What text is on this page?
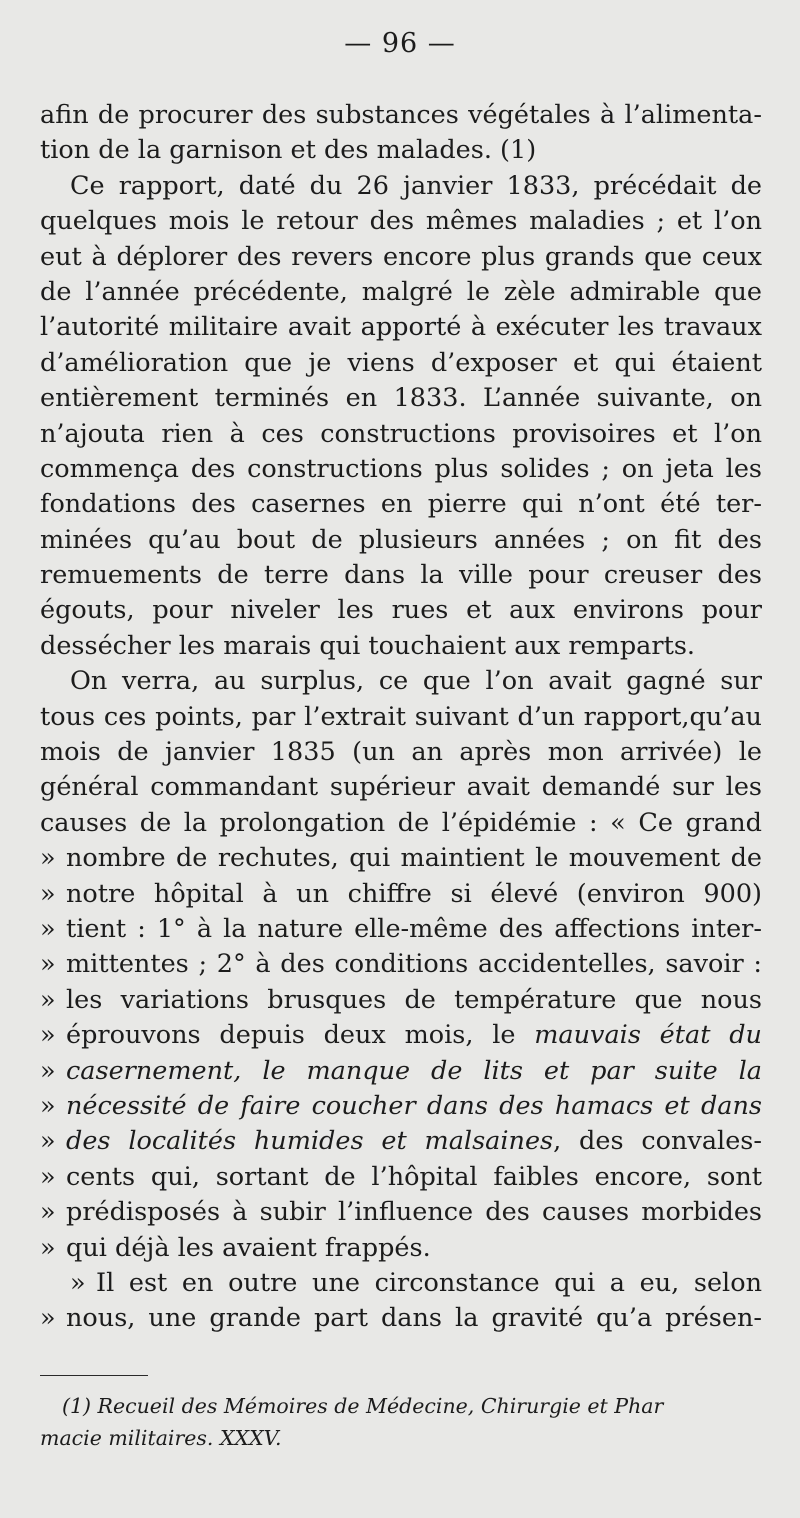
— 96 —
afin de procurer des substances végétales à l’alimenta-
tion de la garnison et des malades. (1)
Ce rapport, daté du 26 janvier 1833, précédait de
quelques mois le retour des mêmes maladies ; et l’on
eut à déplorer des revers encore plus grands que ceux
de l’année précédente, malgré le zèle admirable que
l’autorité militaire avait apporté à exécuter les travaux
d’amélioration que je viens d’exposer et qui étaient
entièrement terminés en 1833. L’année suivante, on
n’ajouta rien à ces constructions provisoires et l’on
commença des constructions plus solides ; on jeta les
fondations des casernes en pierre qui n’ont été ter-
minées qu’au bout de plusieurs années ; on fit des
remuements de terre dans la ville pour creuser des
égouts, pour niveler les rues et aux environs pour
dessécher les marais qui touchaient aux remparts.
On verra, au surplus, ce que l’on avait gagné sur
tous ces points, par l’extrait suivant d’un rapport,qu’au
mois de janvier 1835 (un an après mon arrivée) le
général commandant supérieur avait demandé sur les
causes de la prolongation de l’épidémie : « Ce grand
» nombre de rechutes, qui maintient le mouvement de
» notre hôpital à un chiffre si élevé (environ 900)
» tient : 1° à la nature elle-même des affections inter-
» mittentes ; 2° à des conditions accidentelles, savoir :
» les variations brusques de température que nous
» éprouvons depuis deux mois, le mauvais état du
» casernement, le manque de lits et par suite la
» nécessité de faire coucher dans des hamacs et dans
» des localités humides et malsaines, des convales-
» cents qui, sortant de l’hôpital faibles encore, sont
» prédisposés à subir l’influence des causes morbides
» qui déjà les avaient frappés.
» Il est en outre une circonstance qui a eu, selon
» nous, une grande part dans la gravité qu’a présen-
(1) Recueil des Mémoires de Médecine, Chirurgie et Phar
macie militaires. XXXV.
